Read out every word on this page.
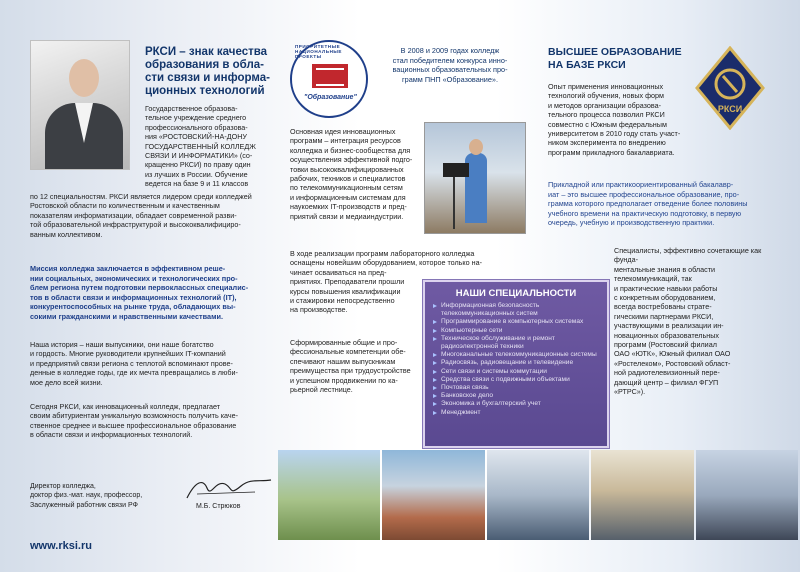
РКСИ – знак качества
образования в обла-
сти связи и информа-
ционных технологий
Государственное образова-
тельное учреждение среднего
профессионального образова-
ния «РОСТОВСКИЙ-НА-ДОНУ
ГОСУДАРСТВЕННЫЙ КОЛЛЕДЖ
СВЯЗИ И ИНФОРМАТИКИ» (со-
кращенно РКСИ) по праву один
из лучших в России. Обучение
ведется на базе 9 и 11 классов
по 12 специальностям. РКСИ является лидером среди колледжей Ростовской области по количественным и качественным
показателям информатизации, обладает современной разви-
той образовательной инфраструктурой и высококвалифициро-
ванным коллективом.
Миссия колледжа заключается в эффективном реше-
нии социальных, экономических и технологических про-
блем региона путем подготовки первоклассных специалис-
тов в области связи и информационных технологий (IT),
конкурентоспособных на рынке труда, обладающих вы-
сокими гражданскими и нравственными качествами.
Наша история – наши выпускники, они наше богатство
и гордость. Многие руководители крупнейших IT-компаний
и предприятий связи региона с теплотой вспоминают прове-
денные в колледже годы, где их мечта превращались в люби-
мое дело всей жизни.
Сегодня РКСИ, как инновационный колледж, предлагает
своим абитуриентам уникальную возможность получить каче-
ственное среднее и высшее профессиональное образование
в области связи и информационных технологий.
Директор колледжа,
доктор физ.-мат. наук, профессор,
Заслуженный работник связи РФ	М.Б. Стрюков
www.rksi.ru
ПРИОРИТЕТНЫЕ НАЦИОНАЛЬНЫЕ ПРОЕКТЫ
"Образование"
В 2008 и 2009 годах колледж
стал победителем конкурса инно-
вационных образовательных про-
грамм ПНП «Образование».
Основная идея инновационных
программ – интеграция ресурсов
колледжа и бизнес-сообщества для
осуществления эффективной подго-
товки высококвалифицированных
рабочих, техников и специалистов
по телекоммуникационным сетям
и информационным системам для
наукоемких IT-производств и пред-
приятий связи и медиаиндустрии.
В ходе реализации программ лабораторного колледжа
оснащены новейшим оборудованием, которое только на-
чинает осваиваться на пред-
приятиях. Преподаватели прошли
курсы повышения квалификации
и стажировки непосредственно
на производстве.
Сформированные общие и про-
фессиональные компетенции обе-
спечивают нашим выпускникам
преимущества при трудоустройстве
и успешном продвижении по ка-
рьерной лестнице.
НАШИ СПЕЦИАЛЬНОСТИ
Информационная безопасность телекоммуникационных систем
Программирование в компьютерных системах
Компьютерные сети
Техническое обслуживание и ремонт радиоэлектронной техники
Многоканальные телекоммуникационные системы
Радиосвязь, радиовещание и телевидение
Сети связи и системы коммутации
Средства связи с подвижными объектами
Почтовая связь
Банковское дело
Экономика и бухгалтерский учет
Менеджмент
ВЫСШЕЕ ОБРАЗОВАНИЕ
НА БАЗЕ РКСИ
РКСИ
Опыт применения инновационных
технологий обучения, новых форм
и методов организации образова-
тельного процесса позволил РКСИ
совместно с Южным федеральным
университетом в 2010 году стать участ-
ником эксперимента по внедрению
программ прикладного бакалавриата.
Прикладной или практикоориентированный бакалавр-
иат – это высшее профессиональное образование, про-
грамма которого предполагает отведение более половины
учебного времени на практическую подготовку, в первую
очередь, учебную и производственную практики.
Специалисты, эффективно сочетающие как фунда-
ментальные знания в области телекоммуникаций, так
и практические навыки работы
с конкретным оборудованием,
всегда востребованы страте-
гическими партнерами РКСИ,
участвующими в реализации ин-
новационных образовательных
программ (Ростовский филиал
ОАО «ЮТК», Южный филиал ОАО
«Ростелеком», Ростовский област-
ной радиотелевизионный пере-
дающий центр – филиал ФГУП
«РТРС»).
